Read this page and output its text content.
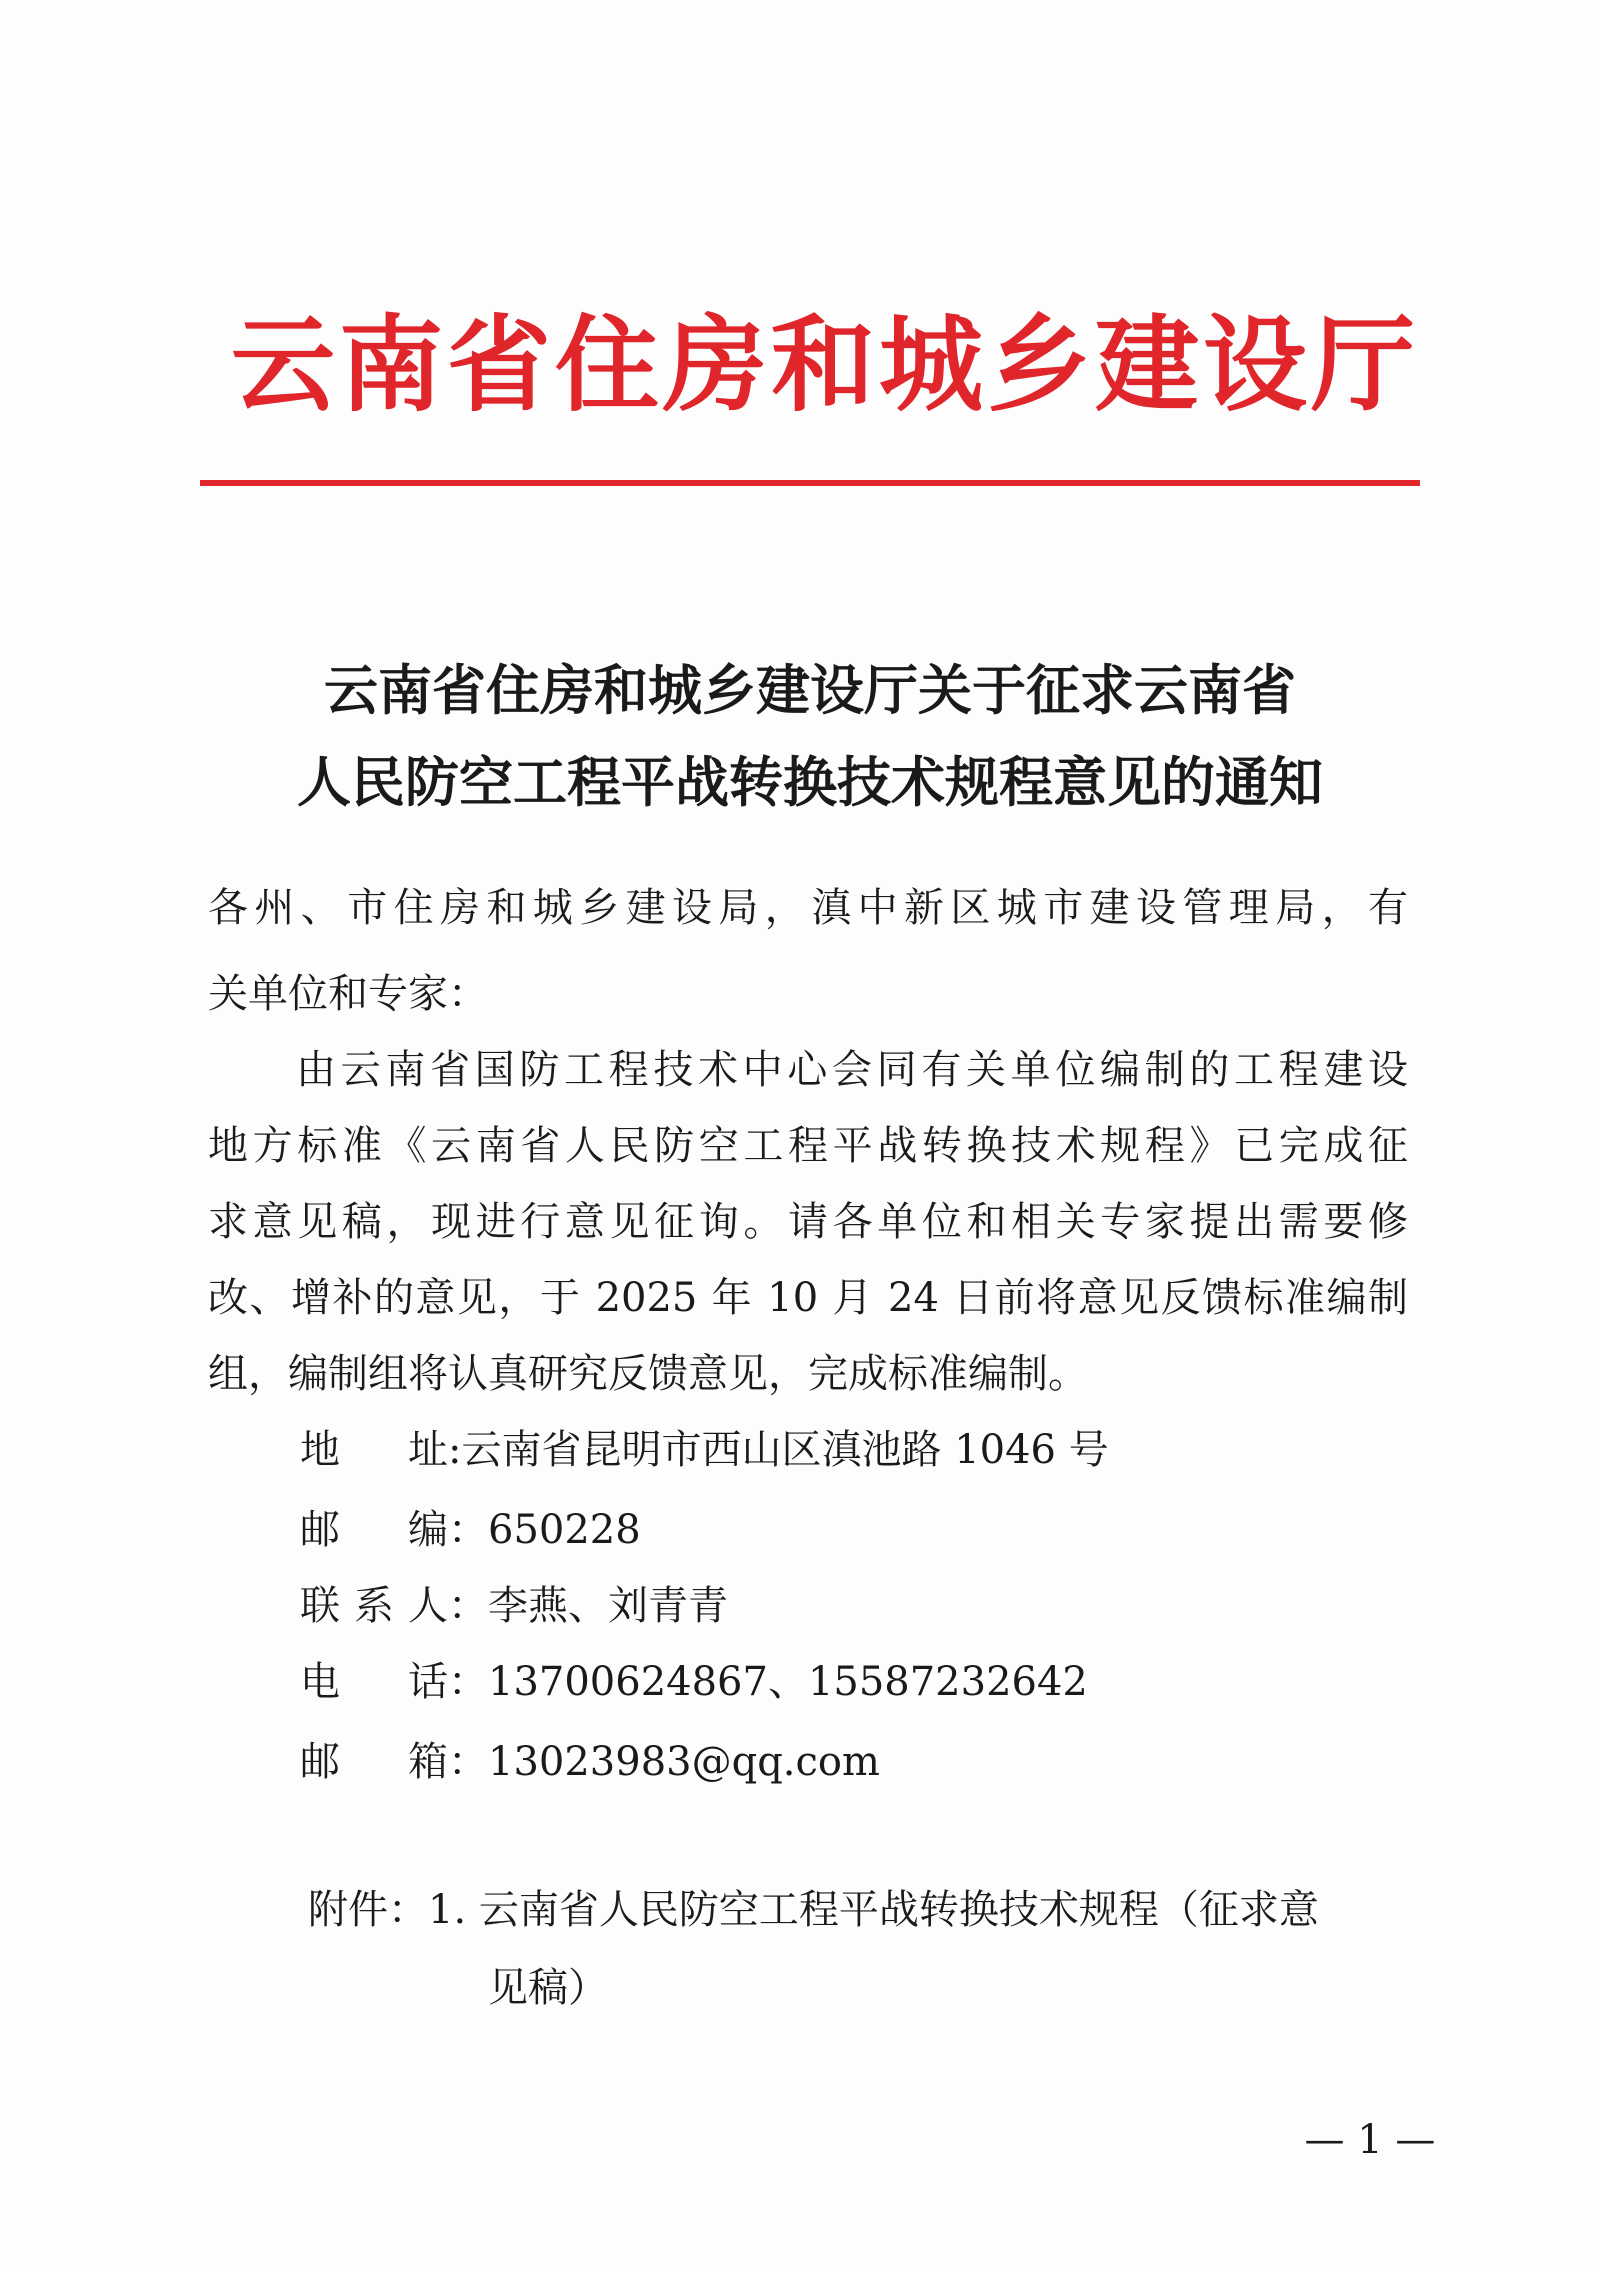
云南省住房和城乡建设厅
云南省住房和城乡建设厅关于征求云南省
人民防空工程平战转换技术规程意见的通知
各州、市住房和城乡建设局，滇中新区城市建设管理局，有
关单位和专家：
由云南省国防工程技术中心会同有关单位编制的工程建设
地方标准《云南省人民防空工程平战转换技术规程》已完成征
求意见稿，现进行意见征询。请各单位和相关专家提出需要修
改、增补的意见，于 2025 年 10 月 24 日前将意见反馈标准编制
组，编制组将认真研究反馈意见，完成标准编制。
地址:云南省昆明市西山区滇池路 1046 号
邮编：650228
联系人：李燕、刘青青
电话：13700624867、15587232642
邮箱：13023983@qq.com
附件：1. 云南省人民防空工程平战转换技术规程（征求意
见稿）
— 1 —
